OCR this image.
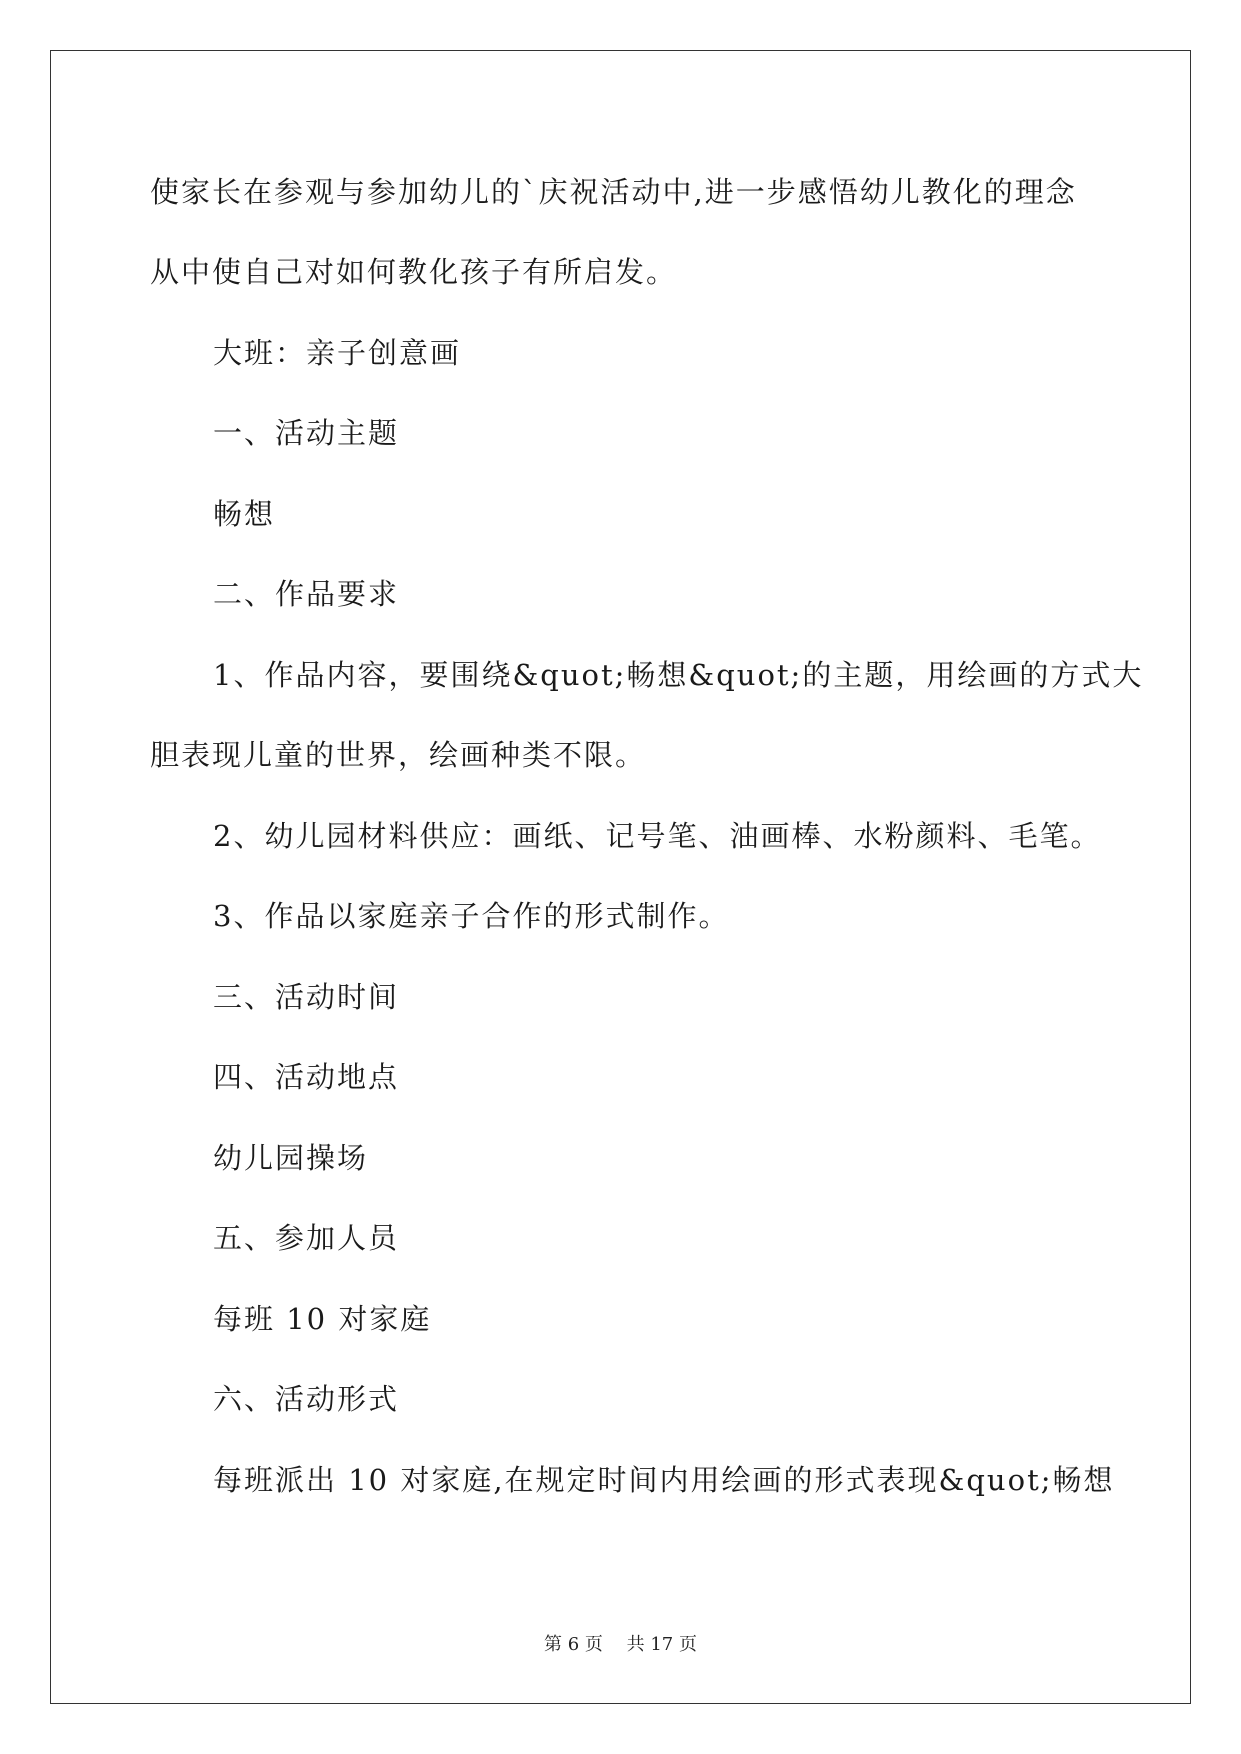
使家长在参观与参加幼儿的`庆祝活动中,进一步感悟幼儿教化的理念
从中使自己对如何教化孩子有所启发。
大班：亲子创意画
一、活动主题
畅想
二、作品要求
1、作品内容，要围绕&quot;畅想&quot;的主题，用绘画的方式大
胆表现儿童的世界，绘画种类不限。
2、幼儿园材料供应：画纸、记号笔、油画棒、水粉颜料、毛笔。
3、作品以家庭亲子合作的形式制作。
三、活动时间
四、活动地点
幼儿园操场
五、参加人员
每班 10 对家庭
六、活动形式
每班派出 10 对家庭,在规定时间内用绘画的形式表现&quot;畅想
第 6 页　 共 17 页
